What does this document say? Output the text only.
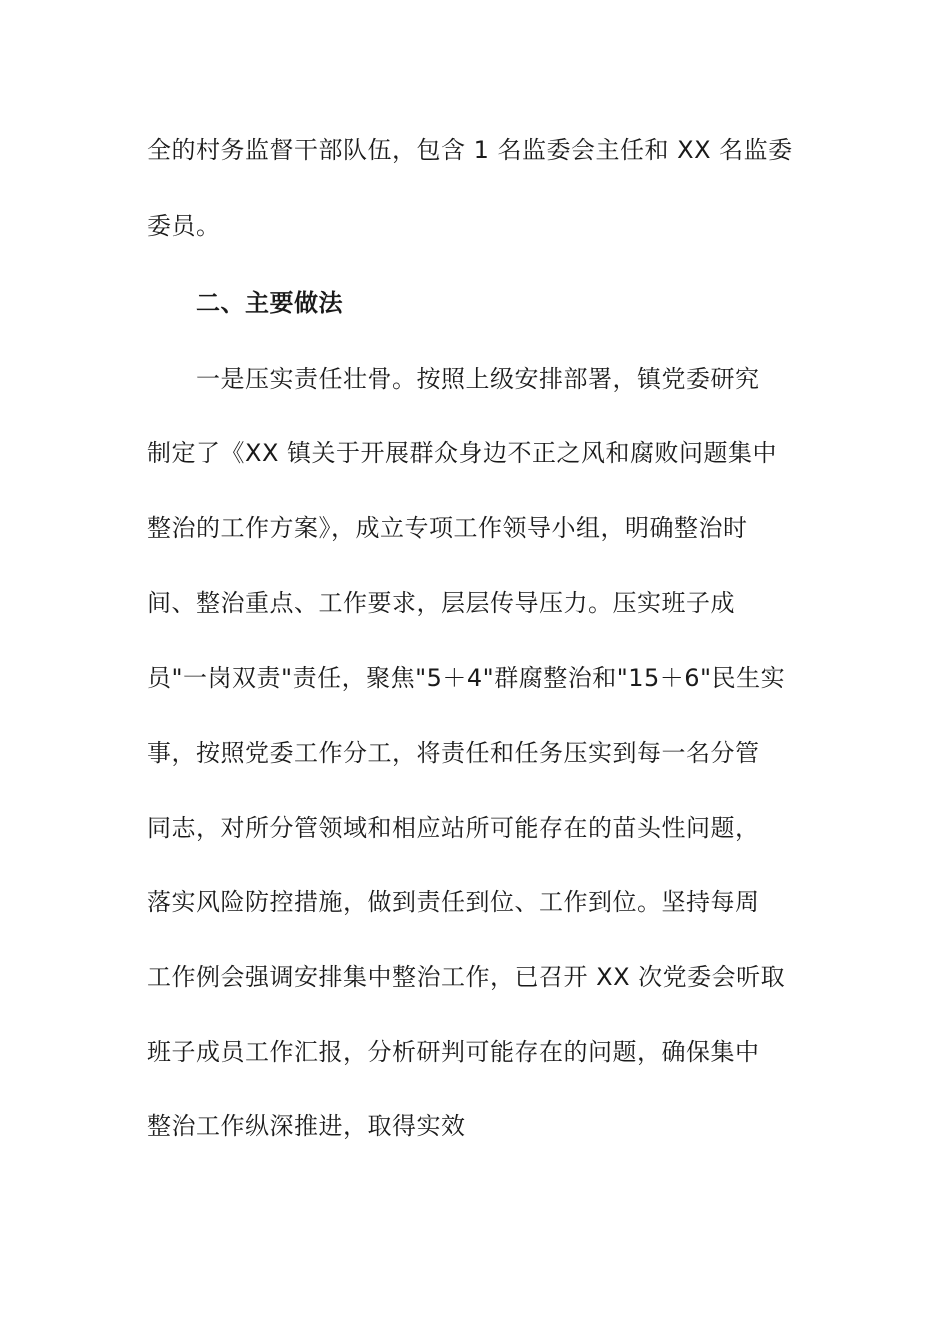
全的村务监督干部队伍，包含 1 名监委会主任和 XX 名监委
委员。
二、主要做法
一是压实责任壮骨。按照上级安排部署，镇党委研究
制定了《XX 镇关于开展群众身边不正之风和腐败问题集中
整治的工作方案》，成立专项工作领导小组，明确整治时
间、整治重点、工作要求，层层传导压力。压实班子成
员"一岗双责"责任，聚焦"5＋4"群腐整治和"15＋6"民生实
事，按照党委工作分工，将责任和任务压实到每一名分管
同志，对所分管领域和相应站所可能存在的苗头性问题，
落实风险防控措施，做到责任到位、工作到位。坚持每周
工作例会强调安排集中整治工作，已召开 XX 次党委会听取
班子成员工作汇报，分析研判可能存在的问题，确保集中
整治工作纵深推进，取得实效
